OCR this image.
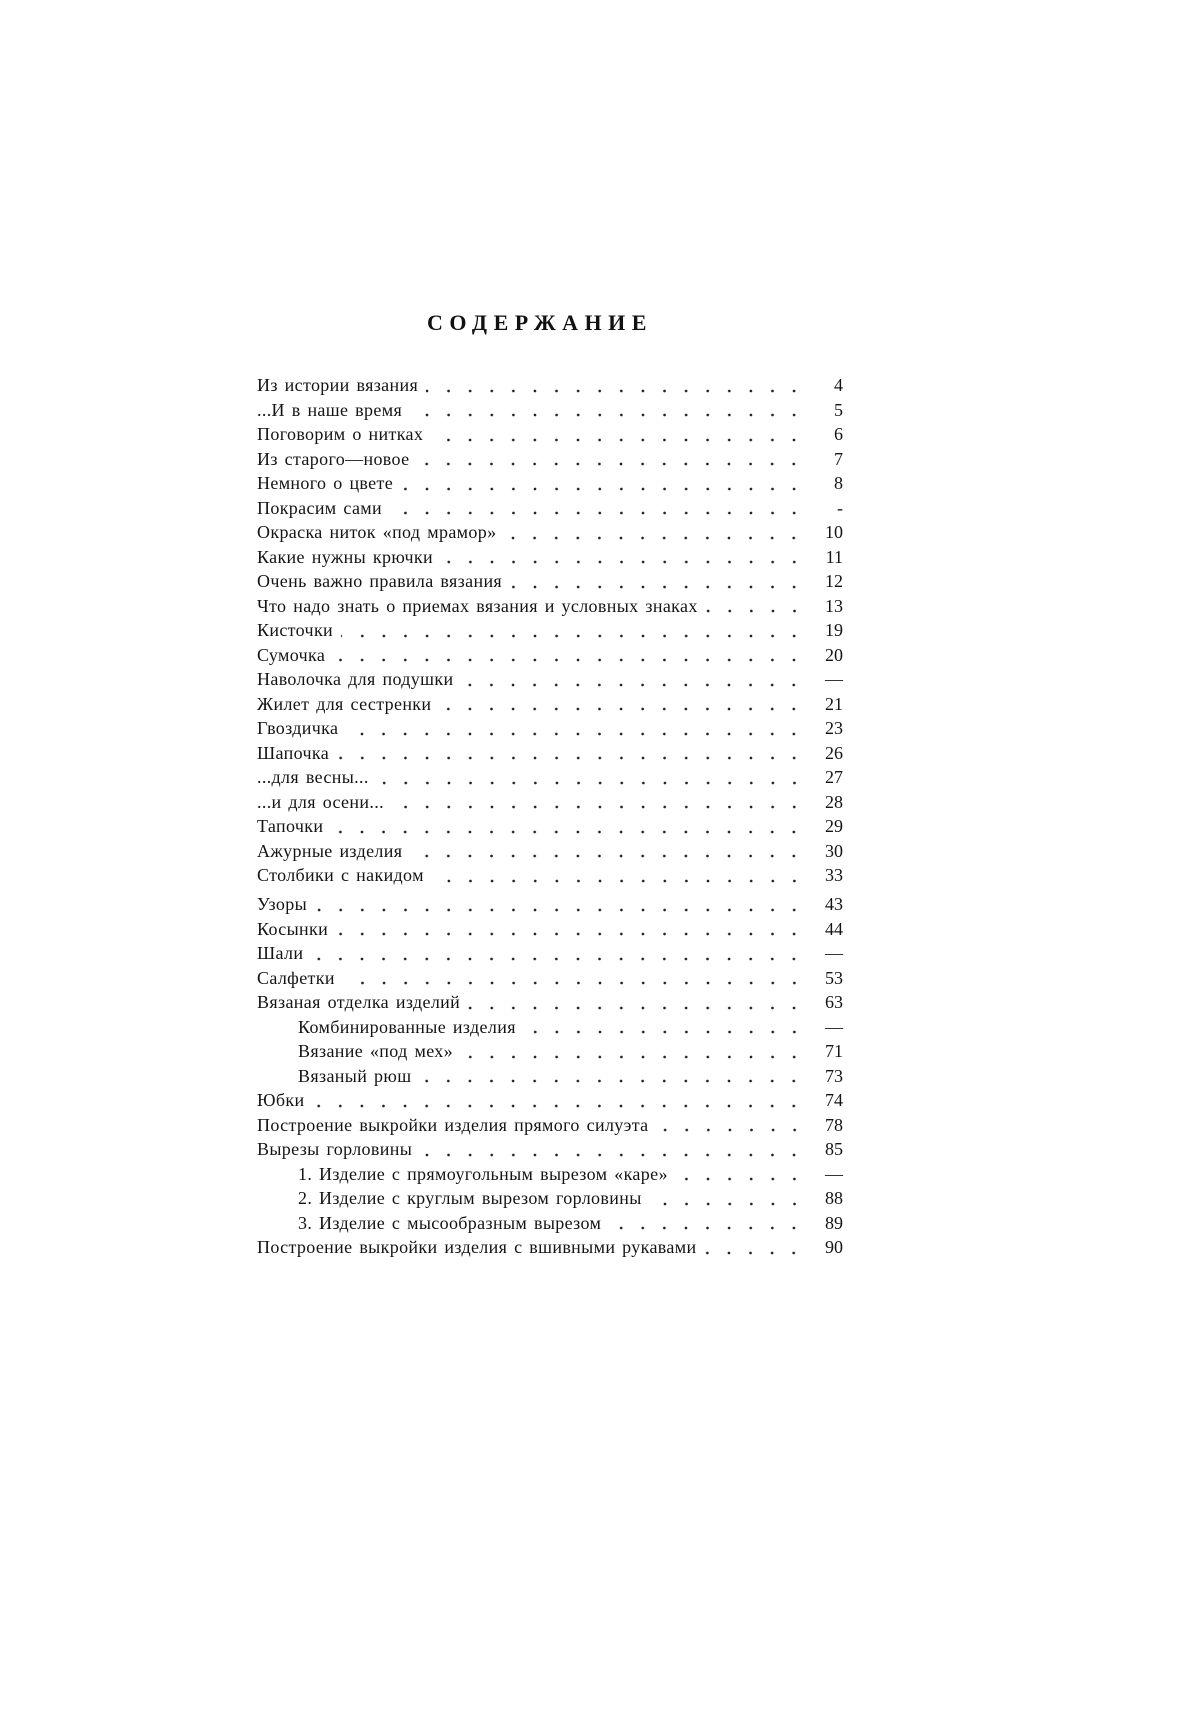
СОДЕРЖАНИЕ
Из истории вязания	4
...И в наше время	5
Поговорим о нитках	6
Из старого—новое	7
Немного о цвете	8
Покрасим сами	-
Окраска ниток «под мрамор»	10
Какие нужны крючки	11
Очень важно правила вязания	12
Что надо знать о приемах вязания и условных знаках	13
Кисточки	19
Сумочка	20
Наволочка для подушки	—
Жилет для сестренки	21
Гвоздичка	23
Шапочка	26
...для весны...	27
...и для осени...	28
Тапочки	29
Ажурные изделия	30
Столбики с накидом	33
Узоры	43
Косынки	44
Шали	—
Салфетки	53
Вязаная отделка изделий	63
Комбинированные изделия	—
Вязание «под мех»	71
Вязаный рюш	73
Юбки	74
Построение выкройки изделия прямого силуэта	78
Вырезы горловины	85
1. Изделие с прямоугольным вырезом «каре»	—
2. Изделие с круглым вырезом горловины	88
3. Изделие с мысообразным вырезом	89
Построение выкройки изделия с вшивными рукавами	90
